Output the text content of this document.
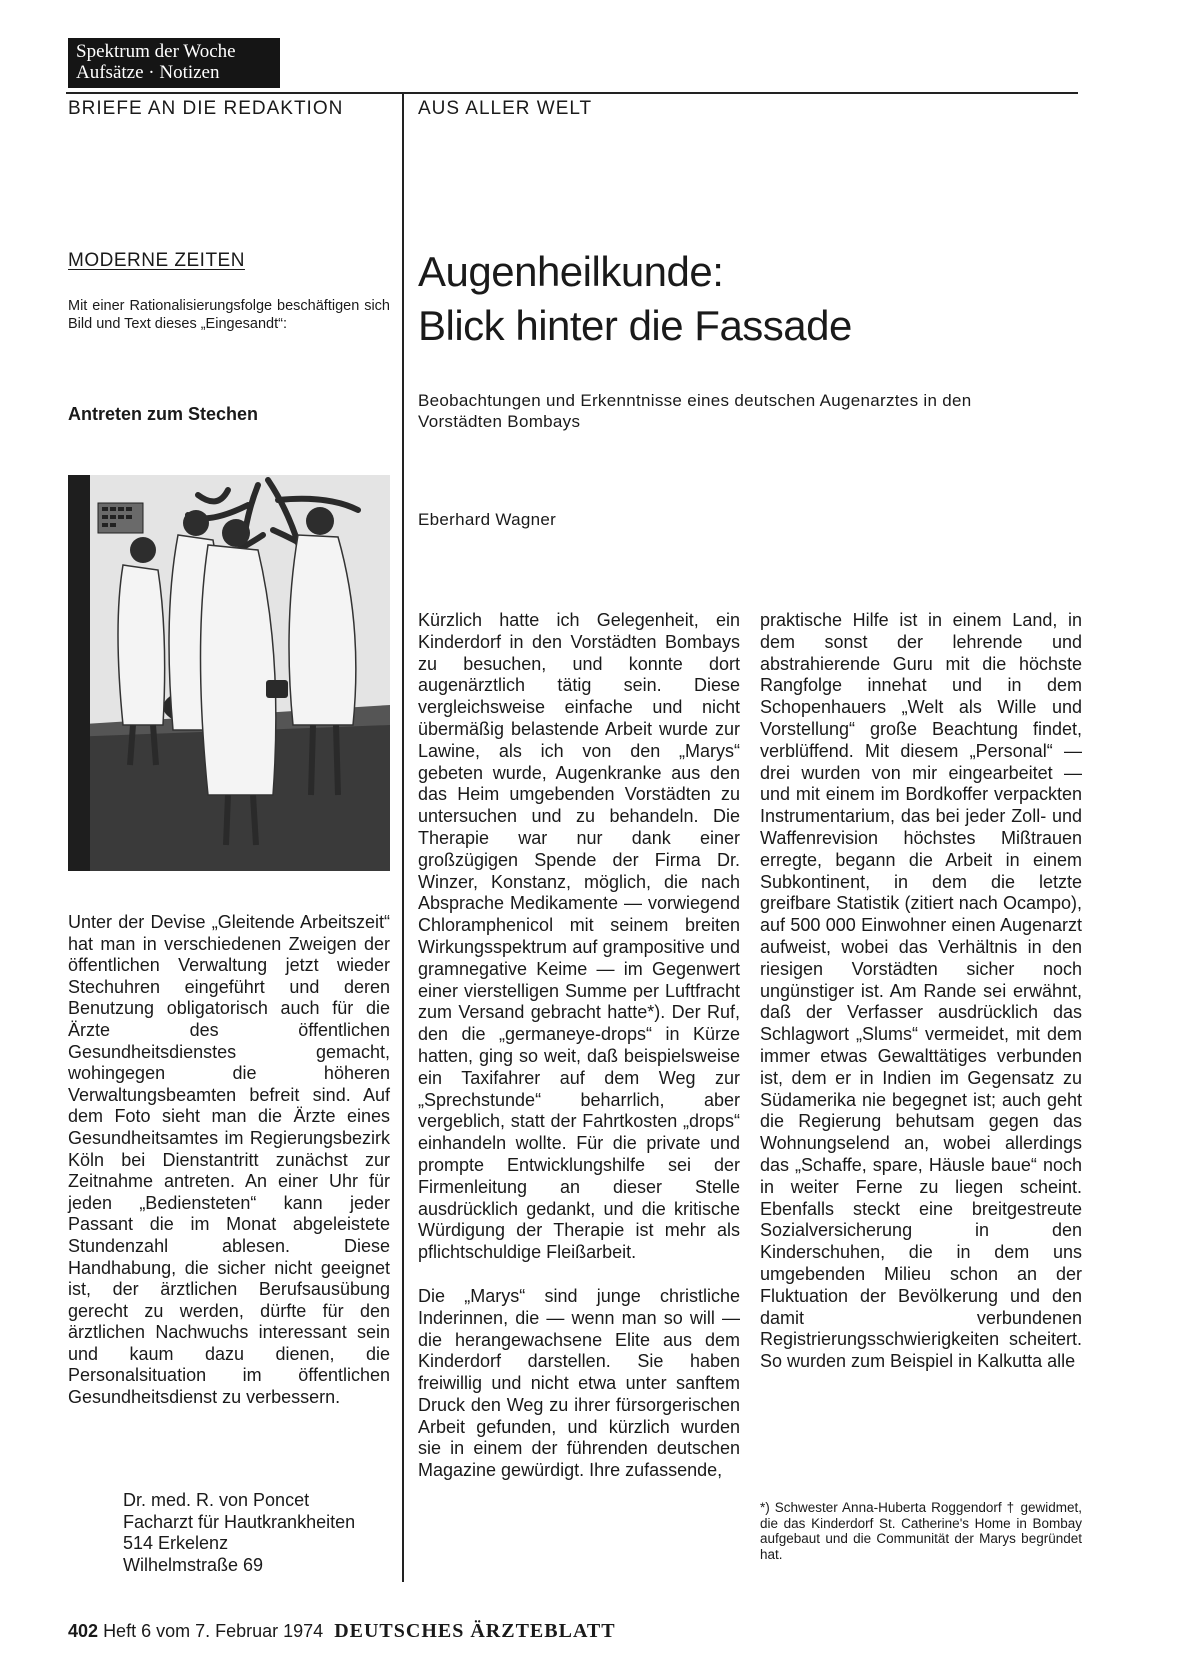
Spektrum der Woche
Aufsätze · Notizen
BRIEFE AN DIE REDAKTION	AUS ALLER WELT
MODERNE ZEITEN
Mit einer Rationalisierungsfolge beschäftigen sich Bild und Text dieses „Eingesandt“:
Antreten zum Stechen
Unter der Devise „Gleitende Arbeitszeit“ hat man in verschiedenen Zweigen der öffentlichen Verwaltung jetzt wieder Stechuhren eingeführt und deren Benutzung obligatorisch auch für die Ärzte des öffentlichen Gesundheitsdienstes gemacht, wohingegen die höheren Verwaltungsbeamten befreit sind. Auf dem Foto sieht man die Ärzte eines Gesundheitsamtes im Regierungsbezirk Köln bei Dienstantritt zunächst zur Zeitnahme antreten. An einer Uhr für jeden „Bediensteten“ kann jeder Passant die im Monat abgeleistete Stundenzahl ablesen. Diese Handhabung, die sicher nicht geeignet ist, der ärztlichen Berufsausübung gerecht zu werden, dürfte für den ärztlichen Nachwuchs interessant sein und kaum dazu dienen, die Personalsituation im öffentlichen Gesundheitsdienst zu verbessern.
Dr. med. R. von Poncet
Facharzt für Hautkrankheiten
514 Erkelenz
Wilhelmstraße 69
Augenheilkunde:
Blick hinter die Fassade
Beobachtungen und Erkenntnisse eines deutschen Augenarztes in den Vorstädten Bombays
Eberhard Wagner

Kürzlich hatte ich Gelegenheit, ein Kinderdorf in den Vorstädten Bombays zu besuchen, und konnte dort augenärztlich tätig sein. Diese vergleichsweise einfache und nicht übermäßig belastende Arbeit wurde zur Lawine, als ich von den „Marys“ gebeten wurde, Augenkranke aus den das Heim umgebenden Vorstädten zu untersuchen und zu behandeln. Die Therapie war nur dank einer großzügigen Spende der Firma Dr. Winzer, Konstanz, möglich, die nach Absprache Medikamente — vorwiegend Chloramphenicol mit seinem breiten Wirkungsspektrum auf grampositive und gramnegative Keime — im Gegenwert einer vierstelligen Summe per Luftfracht zum Versand gebracht hatte*). Der Ruf, den die „germaneye-drops“ in Kürze hatten, ging so weit, daß beispielsweise ein Taxifahrer auf dem Weg zur „Sprechstunde“ beharrlich, aber vergeblich, statt der Fahrtkosten „drops“ einhandeln wollte. Für die private und prompte Entwicklungshilfe sei der Firmenleitung an dieser Stelle ausdrücklich gedankt, und die kritische Würdigung der Therapie ist mehr als pflichtschuldige Fleißarbeit.

Die „Marys“ sind junge christliche Inderinnen, die — wenn man so will — die herangewachsene Elite aus dem Kinderdorf darstellen. Sie haben freiwillig und nicht etwa unter sanftem Druck den Weg zu ihrer fürsorgerischen Arbeit gefunden, und kürzlich wurden sie in einem der führenden deutschen Magazine gewürdigt. Ihre zufassende,

praktische Hilfe ist in einem Land, in dem sonst der lehrende und abstrahierende Guru mit die höchste Rangfolge innehat und in dem Schopenhauers „Welt als Wille und Vorstellung“ große Beachtung findet, verblüffend. Mit diesem „Personal“ — drei wurden von mir eingearbeitet — und mit einem im Bordkoffer verpackten Instrumentarium, das bei jeder Zoll- und Waffenrevision höchstes Mißtrauen erregte, begann die Arbeit in einem Subkontinent, in dem die letzte greifbare Statistik (zitiert nach Ocampo), auf 500 000 Einwohner einen Augenarzt aufweist, wobei das Verhältnis in den riesigen Vorstädten sicher noch ungünstiger ist. Am Rande sei erwähnt, daß der Verfasser ausdrücklich das Schlagwort „Slums“ vermeidet, mit dem immer etwas Gewalttätiges verbunden ist, dem er in Indien im Gegensatz zu Südamerika nie begegnet ist; auch geht die Regierung behutsam gegen das Wohnungselend an, wobei allerdings das „Schaffe, spare, Häusle baue“ noch in weiter Ferne zu liegen scheint. Ebenfalls steckt eine breitgestreute Sozialversicherung in den Kinderschuhen, die in dem uns umgebenden Milieu schon an der Fluktuation der Bevölkerung und den damit verbundenen Registrierungsschwierigkeiten scheitert. So wurden zum Beispiel in Kalkutta alle

*) Schwester Anna-Huberta Roggendorf † gewidmet, die das Kinderdorf St. Catherine's Home in Bombay aufgebaut und die Communität der Marys begründet hat.
402 Heft 6 vom 7. Februar 1974 DEUTSCHES ÄRZTEBLATT
